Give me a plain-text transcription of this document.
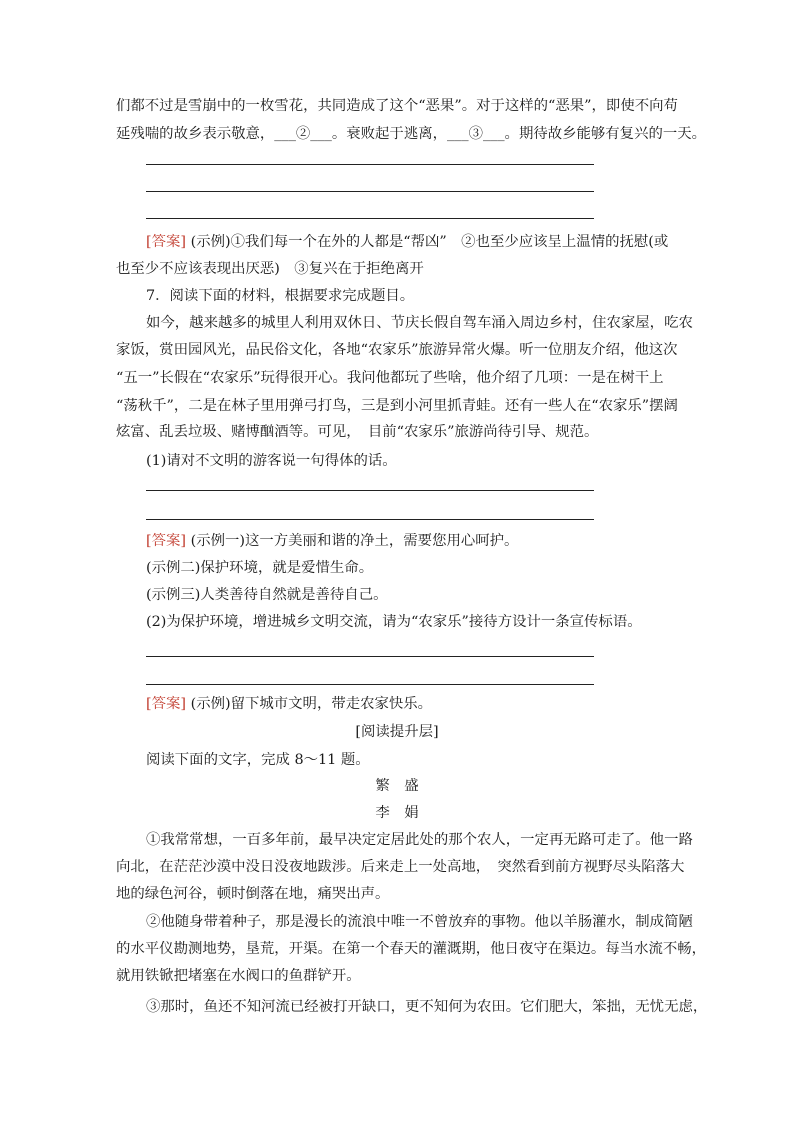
们都不过是雪崩中的一枚雪花，共同造成了这个“恶果”。对于这样的“恶果”，即使不向苟
延残喘的故乡表示敬意，___②___。衰败起于逃离，___③___。期待故乡能够有复兴的一天。
[答案] (示例)①我们每一个在外的人都是“帮凶”　②也至少应该呈上温情的抚慰(或
也至少不应该表现出厌恶)　③复兴在于拒绝离开
7．阅读下面的材料，根据要求完成题目。
如今，越来越多的城里人利用双休日、节庆长假自驾车涌入周边乡村，住农家屋，吃农
家饭，赏田园风光，品民俗文化，各地“农家乐”旅游异常火爆。听一位朋友介绍，他这次
“五一”长假在“农家乐”玩得很开心。我问他都玩了些啥，他介绍了几项：一是在树干上
“荡秋千”，二是在林子里用弹弓打鸟，三是到小河里抓青蛙。还有一些人在“农家乐”摆阔
炫富、乱丢垃圾、赌博酗酒等。可见，　目前“农家乐”旅游尚待引导、规范。
(1)请对不文明的游客说一句得体的话。
[答案] (示例一)这一方美丽和谐的净土，需要您用心呵护。
(示例二)保护环境，就是爱惜生命。
(示例三)人类善待自然就是善待自己。
(2)为保护环境，增进城乡文明交流，请为“农家乐”接待方设计一条宣传标语。
[答案] (示例)留下城市文明，带走农家快乐。
[阅读提升层]
阅读下面的文字，完成 8～11 题。
繁　盛
李　娟
①我常常想，一百多年前，最早决定定居此处的那个农人，一定再无路可走了。他一路
向北，在茫茫沙漠中没日没夜地跋涉。后来走上一处高地，　突然看到前方视野尽头陷落大
地的绿色河谷，顿时倒落在地，痛哭出声。
②他随身带着种子，那是漫长的流浪中唯一不曾放弃的事物。他以羊肠灌水，制成简陋
的水平仪勘测地势，垦荒，开渠。在第一个春天的灌溉期，他日夜守在渠边。每当水流不畅，
就用铁锨把堵塞在水阀口的鱼群铲开。
③那时，鱼还不知河流已经被打开缺口，更不知何为农田。它们肥大，笨拙，无忧无虑，
